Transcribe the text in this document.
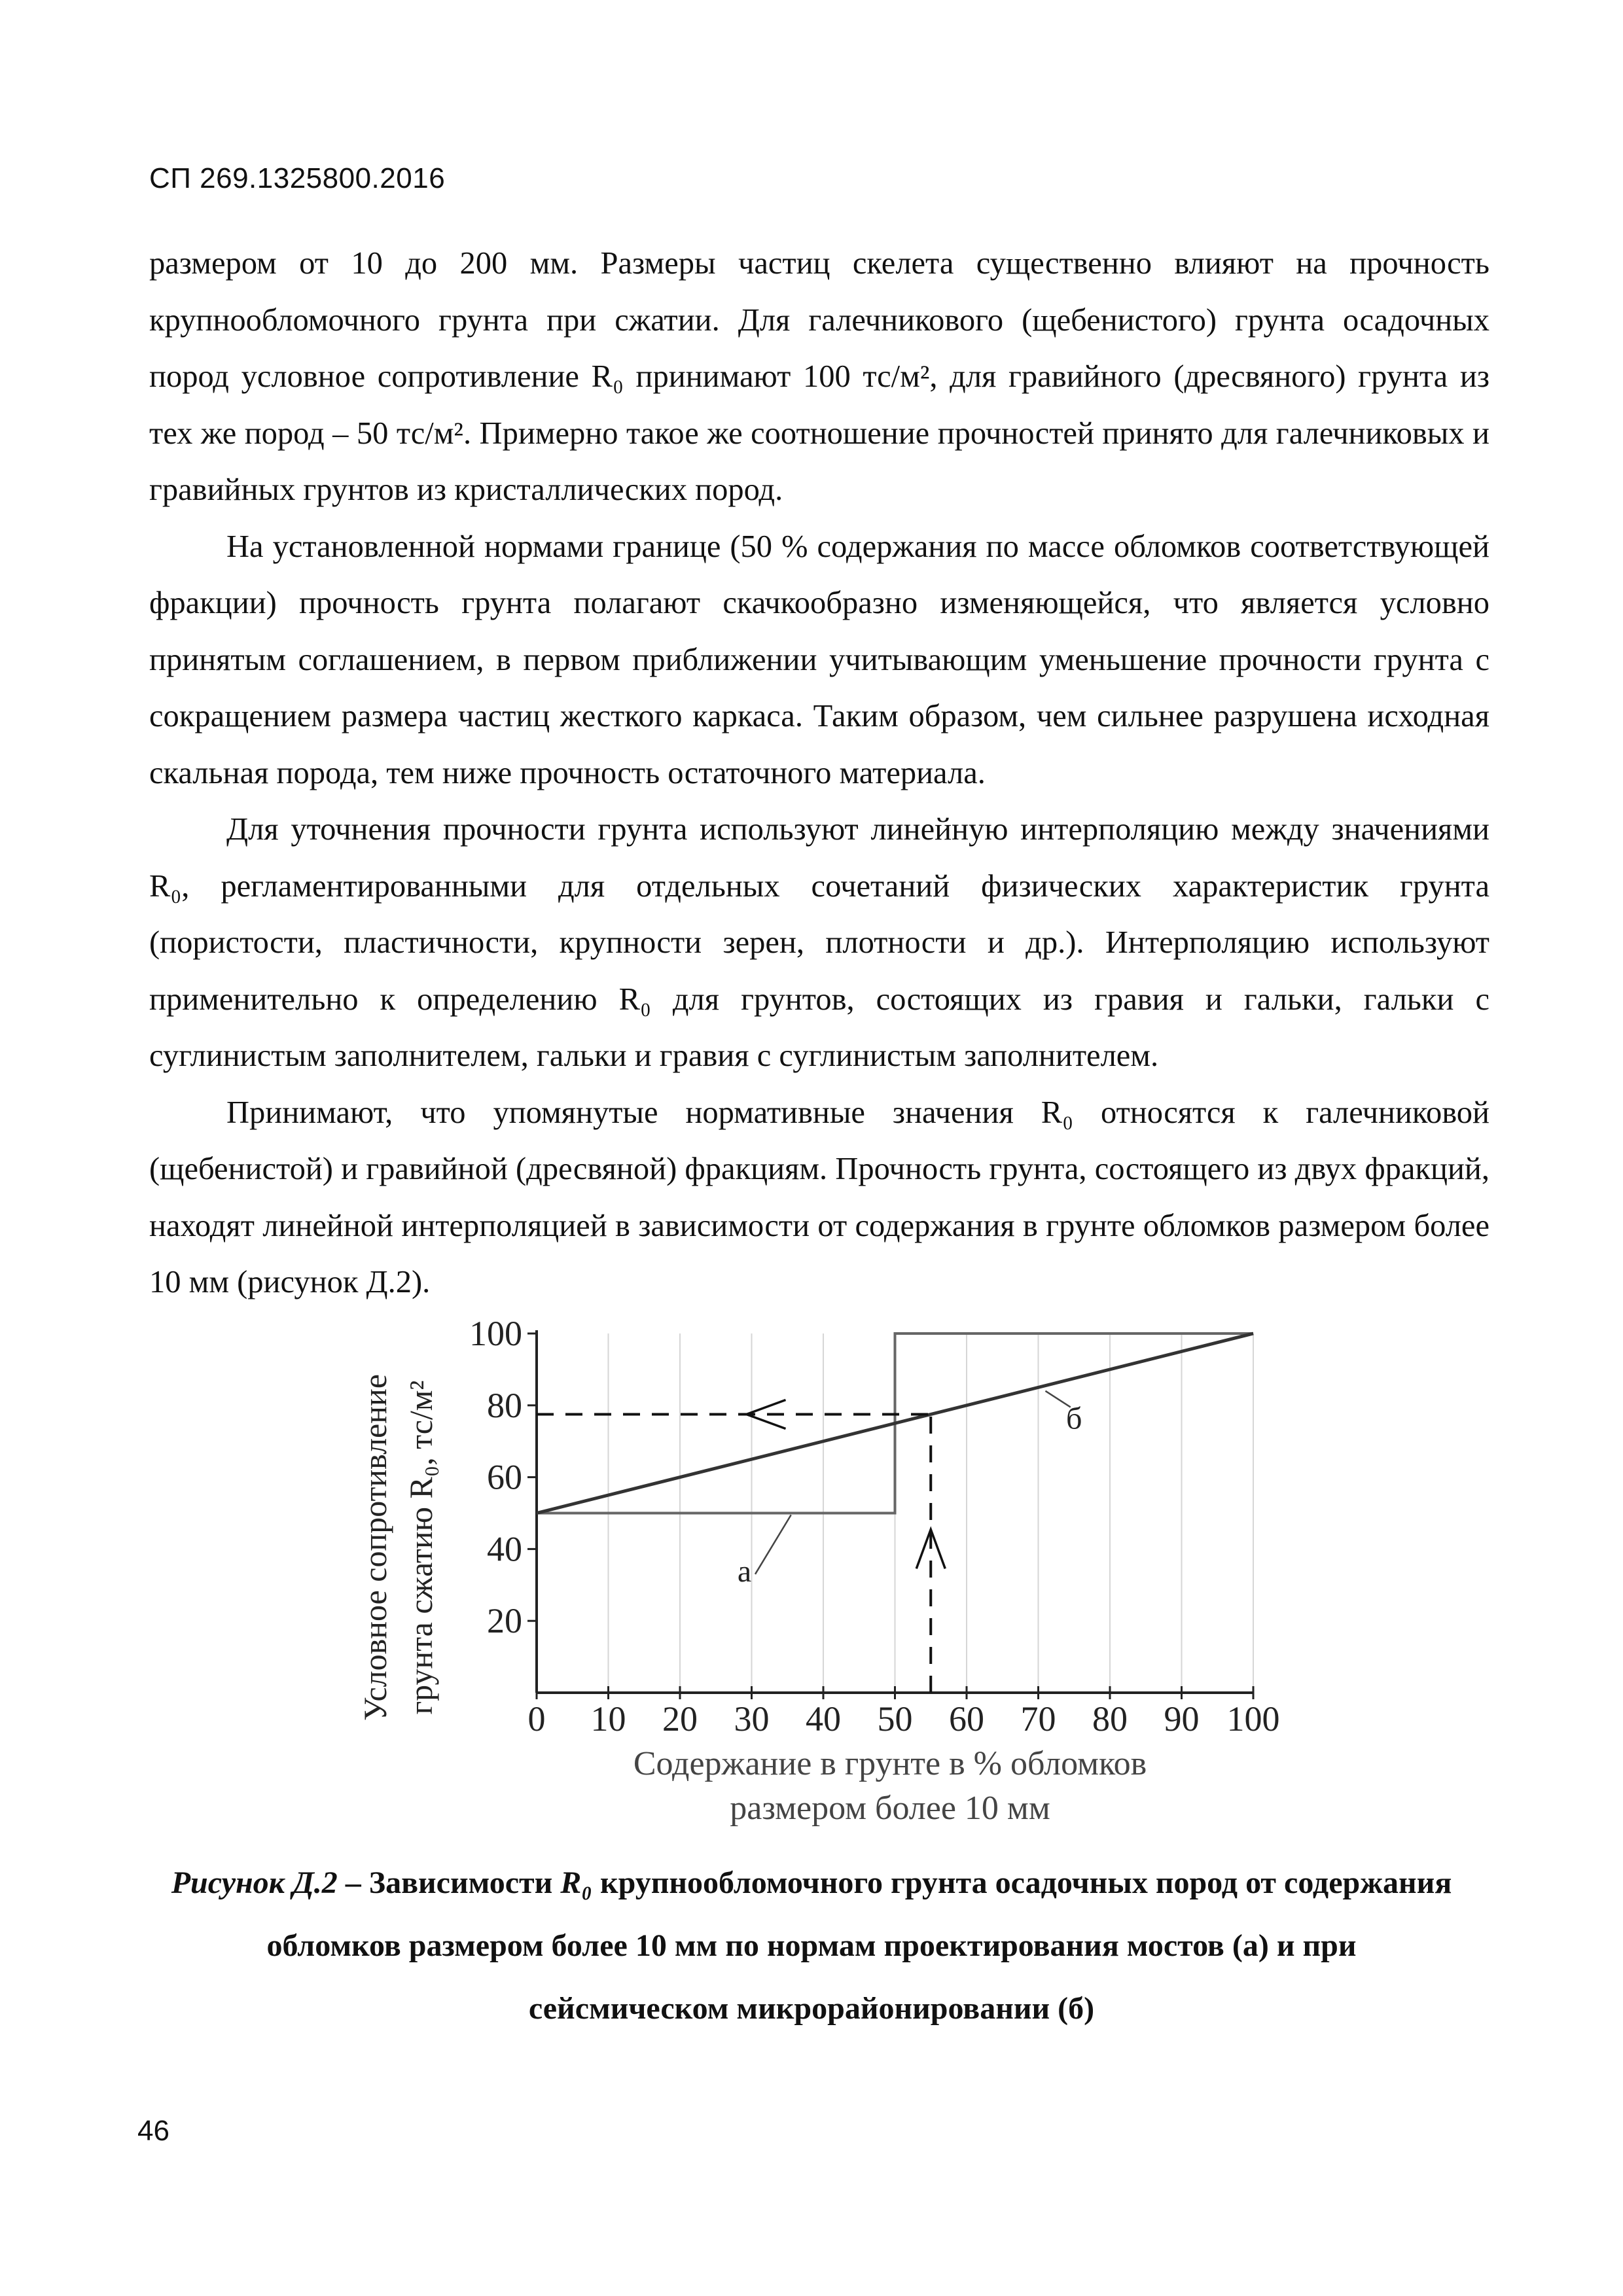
СП 269.1325800.2016

размером от 10 до 200 мм. Размеры частиц скелета существенно влияют на прочность крупнообломочного грунта при сжатии. Для галечникового (щебенистого) грунта осадочных пород условное сопротивление R₀ принимают 100 тс/м², для гравийного (дресвяного) грунта из тех же пород – 50 тс/м². Примерно такое же соотношение прочностей принято для галечниковых и гравийных грунтов из кристаллических пород.

На установленной нормами границе (50 % содержания по массе обломков соответствующей фракции) прочность грунта полагают скачкообразно изменяющейся, что является условно принятым соглашением, в первом приближении учитывающим уменьшение прочности грунта с сокращением размера частиц жесткого каркаса. Таким образом, чем сильнее разрушена исходная скальная порода, тем ниже прочность остаточного материала.

Для уточнения прочности грунта используют линейную интерполяцию между значениями R₀, регламентированными для отдельных сочетаний физических характеристик грунта (пористости, пластичности, крупности зерен, плотности и др.). Интерполяцию используют применительно к определению R₀ для грунтов, состоящих из гравия и гальки, гальки с суглинистым заполнителем, гальки и гравия с суглинистым заполнителем.

Принимают, что упомянутые нормативные значения R₀ относятся к галечниковой (щебенистой) и гравийной (дресвяной) фракциям. Прочность грунта, состоящего из двух фракций, находят линейной интерполяцией в зависимости от содержания в грунте обломков размером более 10 мм (рисунок Д.2).

0 10 20 30 40 50 60 70 80 90 100
20
40
60
80
100
а
б
Условное сопротивление грунта сжатию R₀, тс/м²
Содержание в грунте в % обломков
размером более 10 мм
Рисунок Д.2 – Зависимости R₀ крупнообломочного грунта осадочных пород от содержания
обломков размером более 10 мм по нормам проектирования мостов (а) и при
сейсмическом микрорайонировании (б)
46
